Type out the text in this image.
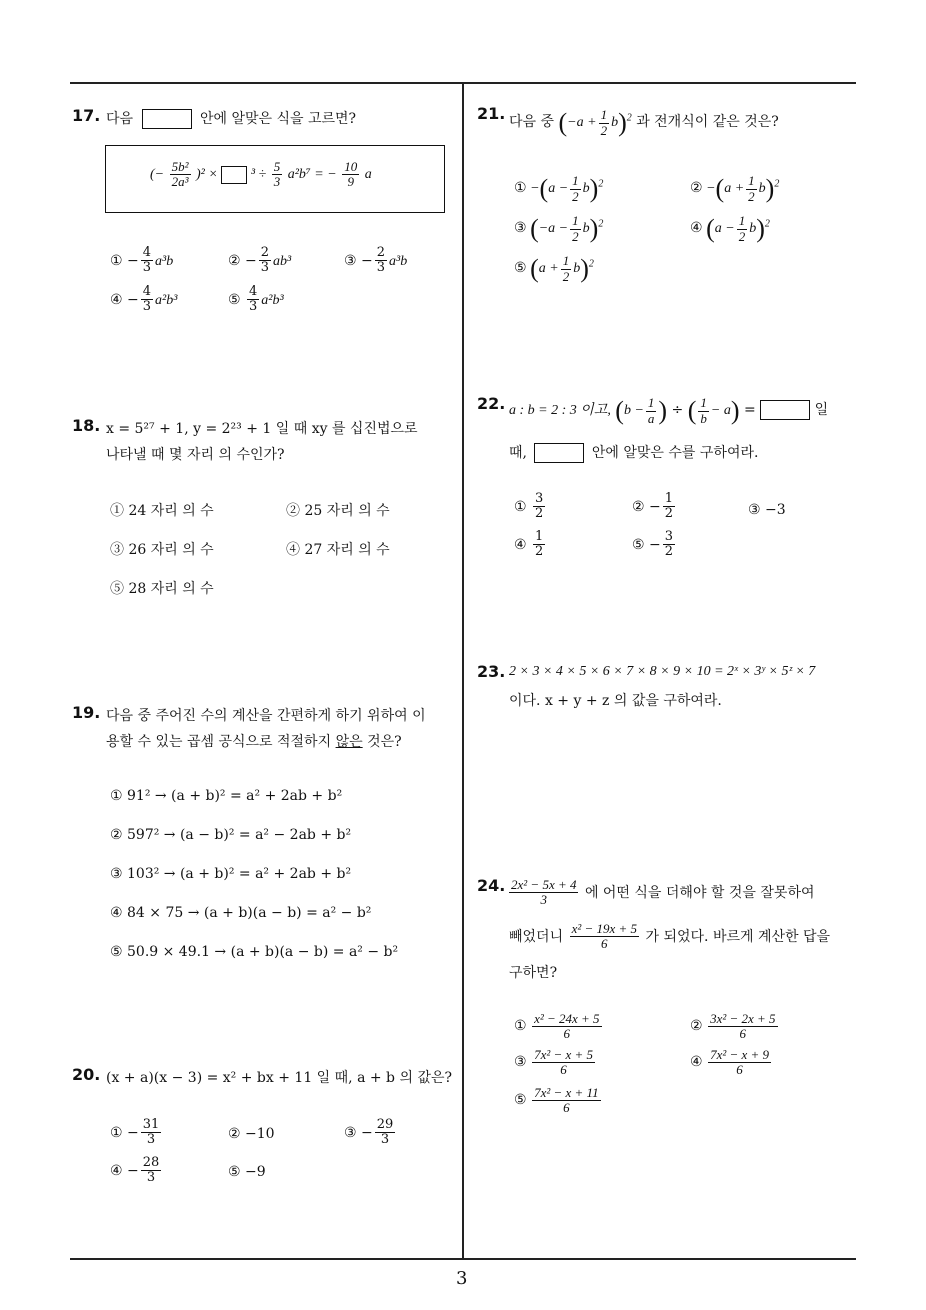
3
17. 다음	안에 알맞은 식을 고르면?
(− $\frac{\text{5b²}}{\text{2a³}} )^2 \times ^3 \div \frac{5}{3} a^2b^7$ = − $\frac{10}{9}$ a
① − $\frac{4}{3} a^3b$	② − $\frac{2}{3} ab^3$	③ − $\frac{2}{3} a^3b$
④ − $\frac{4}{3} a^2b^3$	⑤ $\frac{4}{3} a^2b^3$
18. x = 5²⁷ + 1, y = 2²³ + 1 일 때 xy 를 십진법으로
나타낼 때 몇 자리 의 수인가?
① 24 자리 의 수	② 25 자리 의 수
③ 26 자리 의 수	④ 27 자리 의 수
⑤ 28 자리 의 수
19. 다음 중 주어진 수의 계산을 간편하게 하기 위하여 이
용할 수 있는 곱셈 공식으로 적절하지 않은 것은?
① 91² → (a + b)² = a² + 2ab + b²
② 597² → (a − b)² = a² − 2ab + b²
③ 103² → (a + b)² = a² + 2ab + b²
④ 84 × 75 → (a + b)(a − b) = a² − b²
⑤ 50.9 × 49.1 → (a + b)(a − b) = a² − b²
20. (x + a)(x − 3) = x² + bx + 11 일 때, a + b 의 값은?
① − $\frac{31}{3}$	② −10	③ − $\frac{29}{3}$
④ − $\frac{28}{3}$	⑤ −9
21. 다음 중 $(-a + \frac{1}{2} b)^2$ 과 전개식이 같은 것은?
① $-(a - \frac{1}{2} b)^2$	② $-(a + \frac{1}{2} b)^2$
③ $(-a - \frac{1}{2} b)^2$	④ $(a - \frac{1}{2} b)^2$
⑤ $(a + \frac{1}{2} b)^2$
22. a : b = 2 : 3 이고, ($b - \frac{1}{a}$ ) ÷ ( $\frac{1}{b} - a$) =	일
때,	안에 알맞은 수를 구하여라.
① $\frac{3}{2}$	② − $\frac{1}{2}$	③ −3
④ $\frac{1}{2}$	⑤ − $\frac{3}{2}$
23. 2 × 3 × 4 × 5 × 6 × 7 × 8 × 9 × 10 = 2ˣ × 3ʸ × 5ᶻ × 7
이다. x + y + z 의 값을 구하여라.
24. $\frac{\text{2x² − 5x + 4}}{3}$ 에 어떤 식을 더해야 할 것을 잘못하여
빼었더니 $\frac{\text{x² − 19x + 5}}{6}$ 가 되었다. 바르게 계산한 답을
구하면?
① $\frac{\text{x² − 24x + 5}}{6}$	② $\frac{\text{3x² − 2x + 5}}{6}$
③ $\frac{\text{7x² − x + 5}}{6}$	④ $\frac{\text{7x² − x + 9}}{6}$
⑤ $\frac{\text{7x² − x + 11}}{6}$
